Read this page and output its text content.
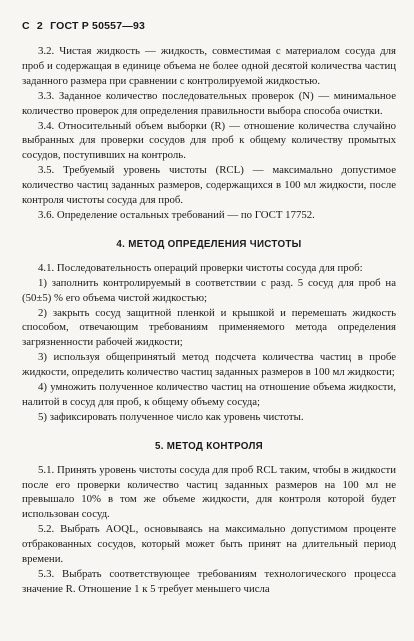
С 2 ГОСТ Р 50557—93

3.2. Чистая жидкость — жидкость, совместимая с материалом сосуда для проб и содержащая в единице объема не более одной десятой количества частиц заданного размера при сравнении с контролируемой жидкостью.

3.3. Заданное количество последовательных проверок (N) — минимальное количество проверок для определения правильности выбора способа очистки.

3.4. Относительный объем выборки (R) — отношение количества случайно выбранных для проверки сосудов для проб к общему количеству промытых сосудов, поступивших на контроль.

3.5. Требуемый уровень чистоты (RCL) — максимально допустимое количество частиц заданных размеров, содержащихся в 100 мл жидкости, после контроля чистоты сосуда для проб.

3.6. Определение остальных требований — по ГОСТ 17752.

4. МЕТОД ОПРЕДЕЛЕНИЯ ЧИСТОТЫ

4.1. Последовательность операций проверки чистоты сосуда для проб:

1) заполнить контролируемый в соответствии с разд. 5 сосуд для проб на (50±5) % его объема чистой жидкостью;

2) закрыть сосуд защитной пленкой и крышкой и перемешать жидкость способом, отвечающим требованиям применяемого метода определения загрязненности рабочей жидкости;

3) используя общепринятый метод подсчета количества частиц в пробе жидкости, определить количество частиц заданных размеров в 100 мл жидкости;

4) умножить полученное количество частиц на отношение объема жидкости, налитой в сосуд для проб, к общему объему сосуда;

5) зафиксировать полученное число как уровень чистоты.

5. МЕТОД КОНТРОЛЯ

5.1. Принять уровень чистоты сосуда для проб RCL таким, чтобы в жидкости после его проверки количество частиц заданных размеров на 100 мл не превышало 10% в том же объеме жидкости, для контроля которой будет использован сосуд.

5.2. Выбрать AOQL, основываясь на максимально допустимом проценте отбракованных сосудов, который может быть принят на длительный период времени.

5.3. Выбрать соответствующее требованиям технологического процесса значение R. Отношение 1 к 5 требует меньшего числа
